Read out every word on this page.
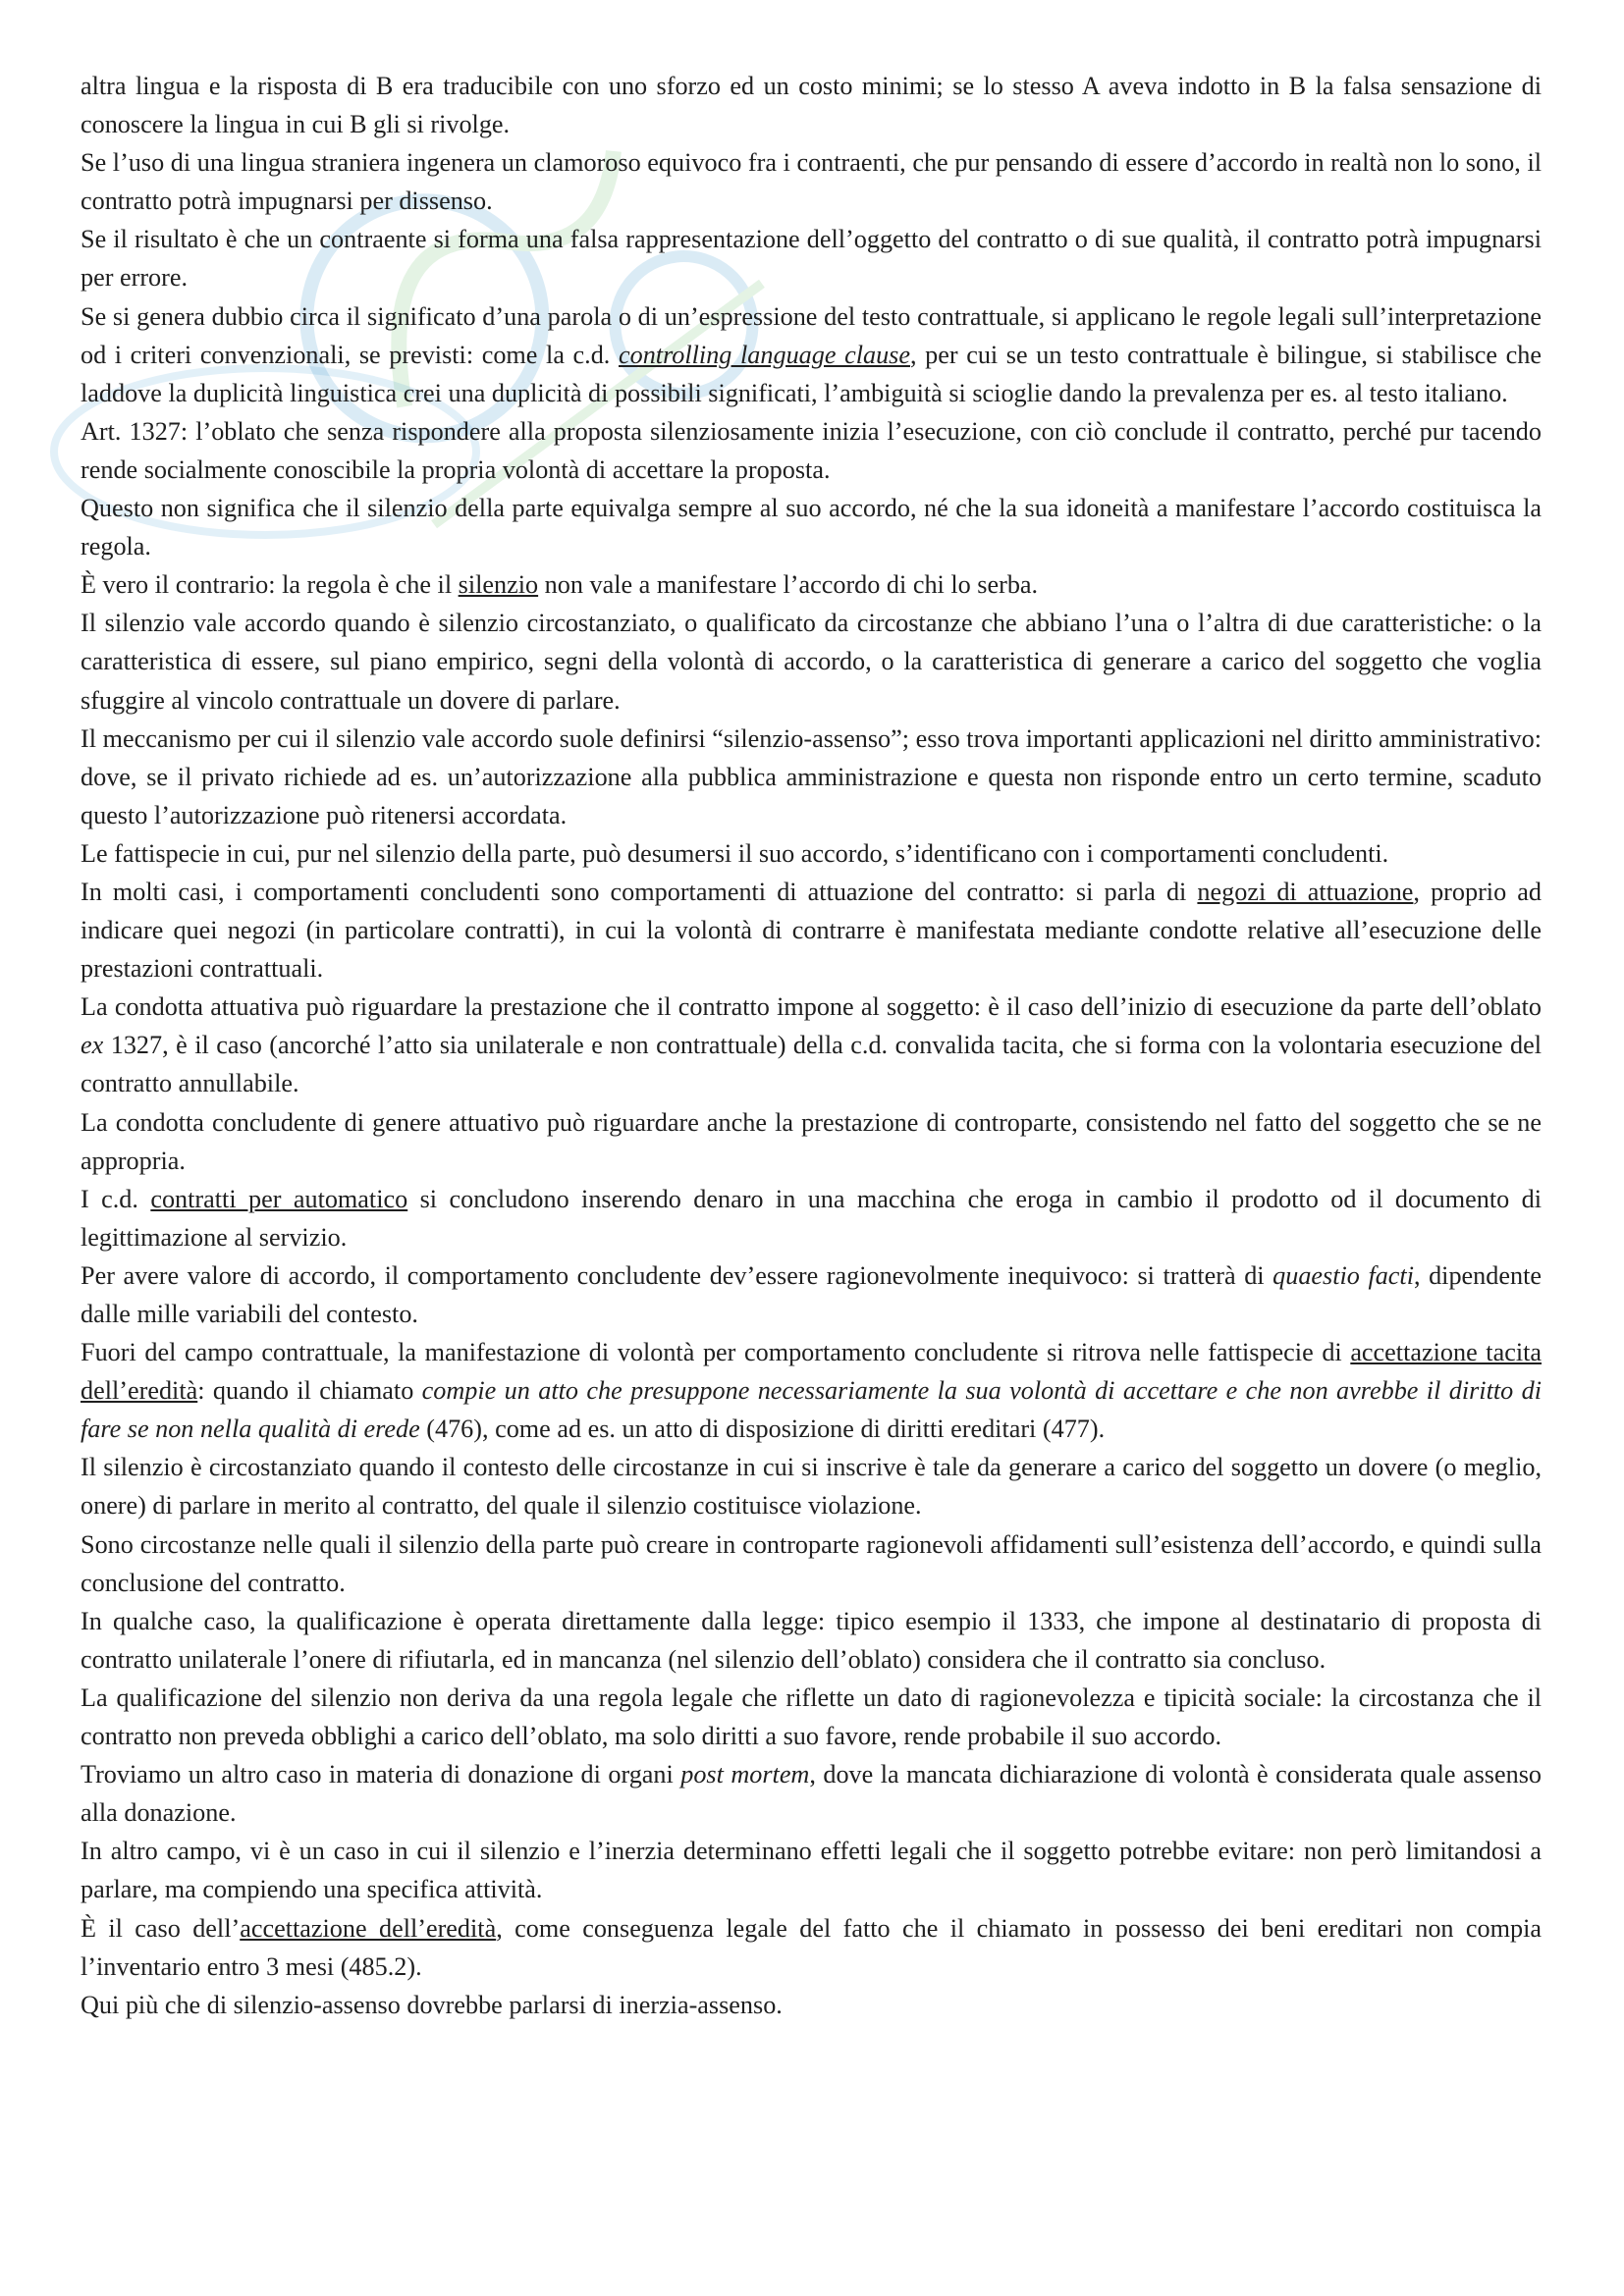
altra lingua e la risposta di B era traducibile con uno sforzo ed un costo minimi; se lo stesso A aveva indotto in B la falsa sensazione di conoscere la lingua in cui B gli si rivolge.

Se l’uso di una lingua straniera ingenera un clamoroso equivoco fra i contraenti, che pur pensando di essere d’accordo in realtà non lo sono, il contratto potrà impugnarsi per dissenso.

Se il risultato è che un contraente si forma una falsa rappresentazione dell’oggetto del contratto o di sue qualità, il contratto potrà impugnarsi per errore.

Se si genera dubbio circa il significato d’una parola o di un’espressione del testo contrattuale, si applicano le regole legali sull’interpretazione od i criteri convenzionali, se previsti: come la c.d. controlling language clause, per cui se un testo contrattuale è bilingue, si stabilisce che laddove la duplicità linguistica crei una duplicità di possibili significati, l’ambiguità si scioglie dando la prevalenza per es. al testo italiano.

Art. 1327: l’oblato che senza rispondere alla proposta silenziosamente inizia l’esecuzione, con ciò conclude il contratto, perché pur tacendo rende socialmente conoscibile la propria volontà di accettare la proposta.

Questo non significa che il silenzio della parte equivalga sempre al suo accordo, né che la sua idoneità a manifestare l’accordo costituisca la regola.

È vero il contrario: la regola è che il silenzio non vale a manifestare l’accordo di chi lo serba.

Il silenzio vale accordo quando è silenzio circostanziato, o qualificato da circostanze che abbiano l’una o l’altra di due caratteristiche: o la caratteristica di essere, sul piano empirico, segni della volontà di accordo, o la caratteristica di generare a carico del soggetto che voglia sfuggire al vincolo contrattuale un dovere di parlare.

Il meccanismo per cui il silenzio vale accordo suole definirsi “silenzio-assenso”; esso trova importanti applicazioni nel diritto amministrativo: dove, se il privato richiede ad es. un’autorizzazione alla pubblica amministrazione e questa non risponde entro un certo termine, scaduto questo l’autorizzazione può ritenersi accordata.

Le fattispecie in cui, pur nel silenzio della parte, può desumersi il suo accordo, s’identificano con i comportamenti concludenti.

In molti casi, i comportamenti concludenti sono comportamenti di attuazione del contratto: si parla di negozi di attuazione, proprio ad indicare quei negozi (in particolare contratti), in cui la volontà di contrarre è manifestata mediante condotte relative all’esecuzione delle prestazioni contrattuali.

La condotta attuativa può riguardare la prestazione che il contratto impone al soggetto: è il caso dell’inizio di esecuzione da parte dell’oblato ex 1327, è il caso (ancorché l’atto sia unilaterale e non contrattuale) della c.d. convalida tacita, che si forma con la volontaria esecuzione del contratto annullabile.

La condotta concludente di genere attuativo può riguardare anche la prestazione di controparte, consistendo nel fatto del soggetto che se ne appropria.

I c.d. contratti per automatico si concludono inserendo denaro in una macchina che eroga in cambio il prodotto od il documento di legittimazione al servizio.

Per avere valore di accordo, il comportamento concludente dev’essere ragionevolmente inequivoco: si tratterà di quaestio facti, dipendente dalle mille variabili del contesto.

Fuori del campo contrattuale, la manifestazione di volontà per comportamento concludente si ritrova nelle fattispecie di accettazione tacita dell’eredità: quando il chiamato compie un atto che presuppone necessariamente la sua volontà di accettare e che non avrebbe il diritto di fare se non nella qualità di erede (476), come ad es. un atto di disposizione di diritti ereditari (477).

Il silenzio è circostanziato quando il contesto delle circostanze in cui si inscrive è tale da generare a carico del soggetto un dovere (o meglio, onere) di parlare in merito al contratto, del quale il silenzio costituisce violazione.

Sono circostanze nelle quali il silenzio della parte può creare in controparte ragionevoli affidamenti sull’esistenza dell’accordo, e quindi sulla conclusione del contratto.

In qualche caso, la qualificazione è operata direttamente dalla legge: tipico esempio il 1333, che impone al destinatario di proposta di contratto unilaterale l’onere di rifiutarla, ed in mancanza (nel silenzio dell’oblato) considera che il contratto sia concluso.

La qualificazione del silenzio non deriva da una regola legale che riflette un dato di ragionevolezza e tipicità sociale: la circostanza che il contratto non preveda obblighi a carico dell’oblato, ma solo diritti a suo favore, rende probabile il suo accordo.

Troviamo un altro caso in materia di donazione di organi post mortem, dove la mancata dichiarazione di volontà è considerata quale assenso alla donazione.

In altro campo, vi è un caso in cui il silenzio e l’inerzia determinano effetti legali che il soggetto potrebbe evitare: non però limitandosi a parlare, ma compiendo una specifica attività.

È il caso dell’accettazione dell’eredità, come conseguenza legale del fatto che il chiamato in possesso dei beni ereditari non compia l’inventario entro 3 mesi (485.2).

Qui più che di silenzio-assenso dovrebbe parlarsi di inerzia-assenso.
